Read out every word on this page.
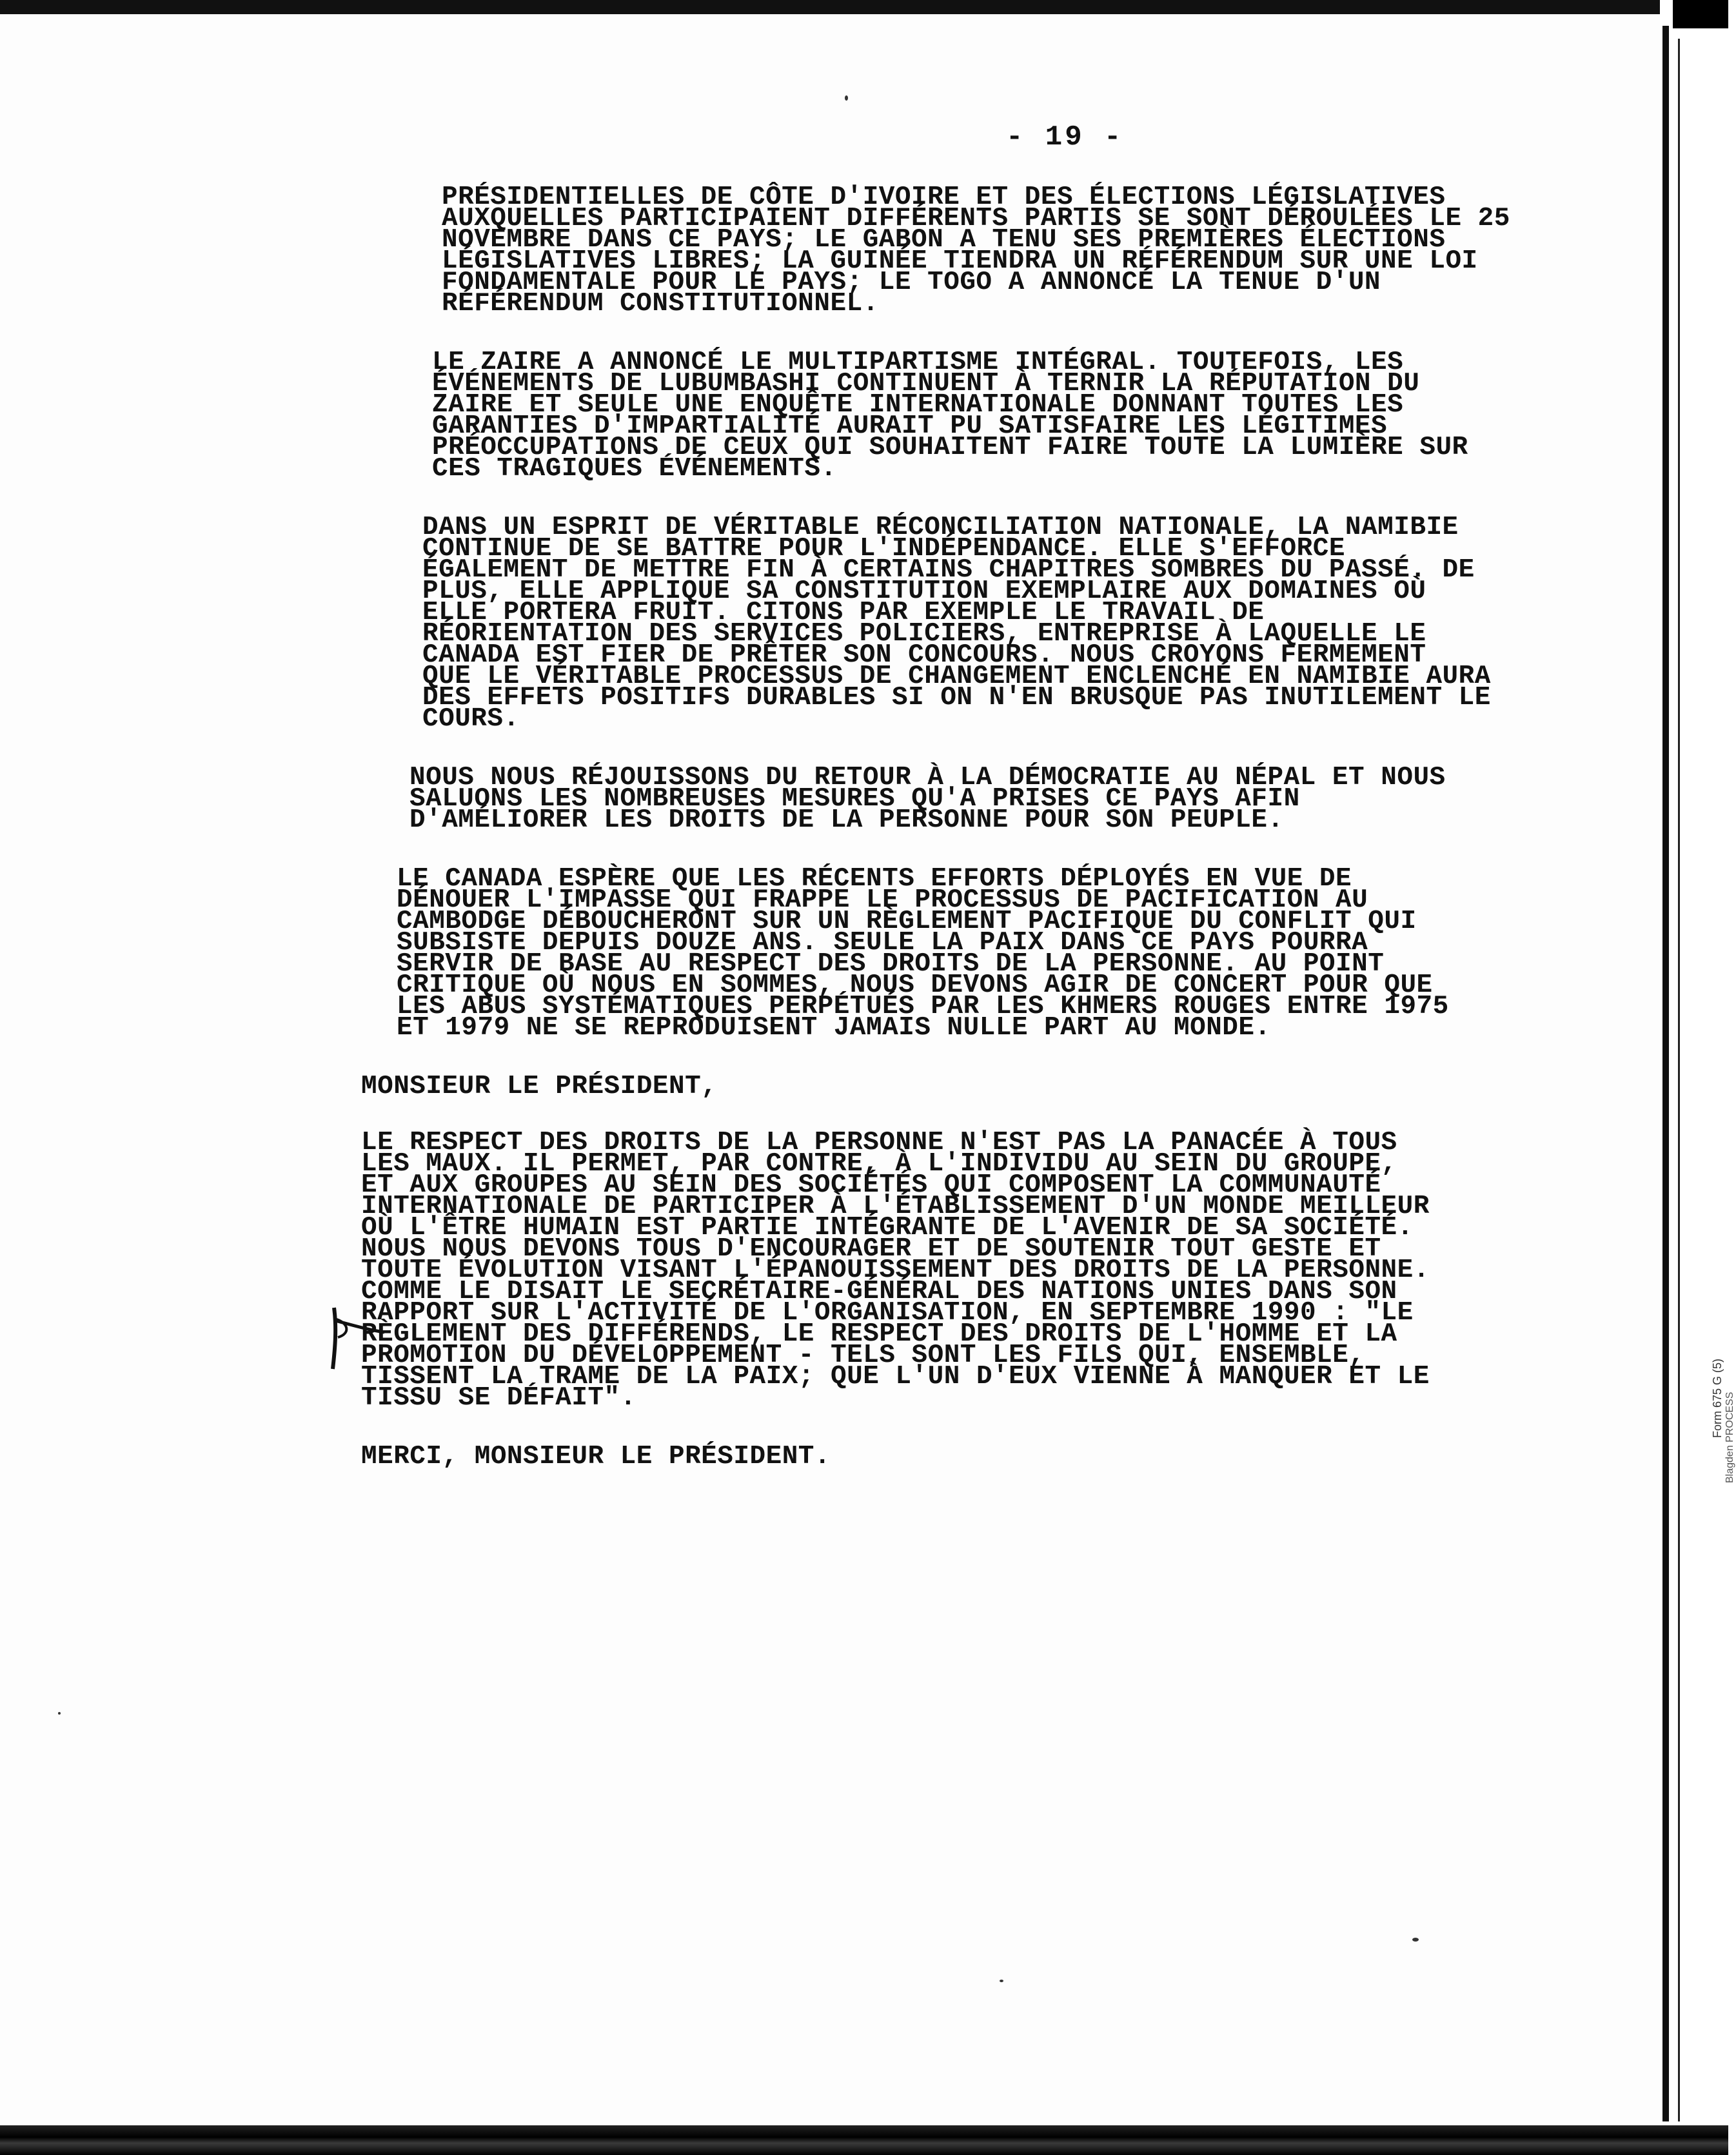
- 19 -

PRÉSIDENTIELLES DE CÔTE D'IVOIRE ET DES ÉLECTIONS LÉGISLATIVES
AUXQUELLES PARTICIPAIENT DIFFÉRENTS PARTIS SE SONT DÉROULÉES LE 25
NOVEMBRE DANS CE PAYS; LE GABON A TENU SES PREMIÈRES ÉLECTIONS
LÉGISLATIVES LIBRES; LA GUINÉE TIENDRA UN RÉFÉRENDUM SUR UNE LOI
FONDAMENTALE POUR LE PAYS; LE TOGO A ANNONCÉ LA TENUE D'UN
RÉFÉRENDUM CONSTITUTIONNEL.

LE ZAIRE A ANNONCÉ LE MULTIPARTISME INTÉGRAL. TOUTEFOIS, LES
ÉVÉNEMENTS DE LUBUMBASHI CONTINUENT À TERNIR LA RÉPUTATION DU
ZAIRE ET SEULE UNE ENQUÊTE INTERNATIONALE DONNANT TOUTES LES
GARANTIES D'IMPARTIALITÉ AURAIT PU SATISFAIRE LES LÉGITIMES
PRÉOCCUPATIONS DE CEUX QUI SOUHAITENT FAIRE TOUTE LA LUMIÈRE SUR
CES TRAGIQUES ÉVÉNEMENTS.

DANS UN ESPRIT DE VÉRITABLE RÉCONCILIATION NATIONALE, LA NAMIBIE
CONTINUE DE SE BATTRE POUR L'INDÉPENDANCE. ELLE S'EFFORCE
ÉGALEMENT DE METTRE FIN À CERTAINS CHAPITRES SOMBRES DU PASSÉ. DE
PLUS, ELLE APPLIQUE SA CONSTITUTION EXEMPLAIRE AUX DOMAINES OÙ
ELLE PORTERA FRUIT. CITONS PAR EXEMPLE LE TRAVAIL DE
RÉORIENTATION DES SERVICES POLICIERS, ENTREPRISE À LAQUELLE LE
CANADA EST FIER DE PRÊTER SON CONCOURS. NOUS CROYONS FERMEMENT
QUE LE VÉRITABLE PROCESSUS DE CHANGEMENT ENCLENCHÉ EN NAMIBIE AURA
DES EFFETS POSITIFS DURABLES SI ON N'EN BRUSQUE PAS INUTILEMENT LE
COURS.

NOUS NOUS RÉJOUISSONS DU RETOUR À LA DÉMOCRATIE AU NÉPAL ET NOUS
SALUONS LES NOMBREUSES MESURES QU'A PRISES CE PAYS AFIN
D'AMÉLIORER LES DROITS DE LA PERSONNE POUR SON PEUPLE.

LE CANADA ESPÈRE QUE LES RÉCENTS EFFORTS DÉPLOYÉS EN VUE DE
DÉNOUER L'IMPASSE QUI FRAPPE LE PROCESSUS DE PACIFICATION AU
CAMBODGE DÉBOUCHERONT SUR UN RÈGLEMENT PACIFIQUE DU CONFLIT QUI
SUBSISTE DEPUIS DOUZE ANS. SEULE LA PAIX DANS CE PAYS POURRA
SERVIR DE BASE AU RESPECT DES DROITS DE LA PERSONNE. AU POINT
CRITIQUE OÙ NOUS EN SOMMES, NOUS DEVONS AGIR DE CONCERT POUR QUE
LES ABUS SYSTÉMATIQUES PERPÉTUÉS PAR LES KHMERS ROUGES ENTRE 1975
ET 1979 NE SE REPRODUISENT JAMAIS NULLE PART AU MONDE.

MONSIEUR LE PRÉSIDENT,

LE RESPECT DES DROITS DE LA PERSONNE N'EST PAS LA PANACÉE À TOUS
LES MAUX. IL PERMET, PAR CONTRE, À L'INDIVIDU AU SEIN DU GROUPE,
ET AUX GROUPES AU SEIN DES SOCIÉTÉS QUI COMPOSENT LA COMMUNAUTÉ
INTERNATIONALE DE PARTICIPER À L'ÉTABLISSEMENT D'UN MONDE MEILLEUR
OÙ L'ÊTRE HUMAIN EST PARTIE INTÉGRANTE DE L'AVENIR DE SA SOCIÉTÉ.
NOUS NOUS DEVONS TOUS D'ENCOURAGER ET DE SOUTENIR TOUT GESTE ET
TOUTE ÉVOLUTION VISANT L'ÉPANOUISSEMENT DES DROITS DE LA PERSONNE.
COMME LE DISAIT LE SECRÉTAIRE-GÉNÉRAL DES NATIONS UNIES DANS SON
RAPPORT SUR L'ACTIVITÉ DE L'ORGANISATION, EN SEPTEMBRE 1990 : "LE
RÈGLEMENT DES DIFFÉRENDS, LE RESPECT DES DROITS DE L'HOMME ET LA
PROMOTION DU DÉVELOPPEMENT - TELS SONT LES FILS QUI, ENSEMBLE,
TISSENT LA TRAME DE LA PAIX; QUE L'UN D'EUX VIENNE À MANQUER ET LE
TISSU SE DÉFAIT".

MERCI, MONSIEUR LE PRÉSIDENT.

Form 675 G (5) Blagden PROCESS
